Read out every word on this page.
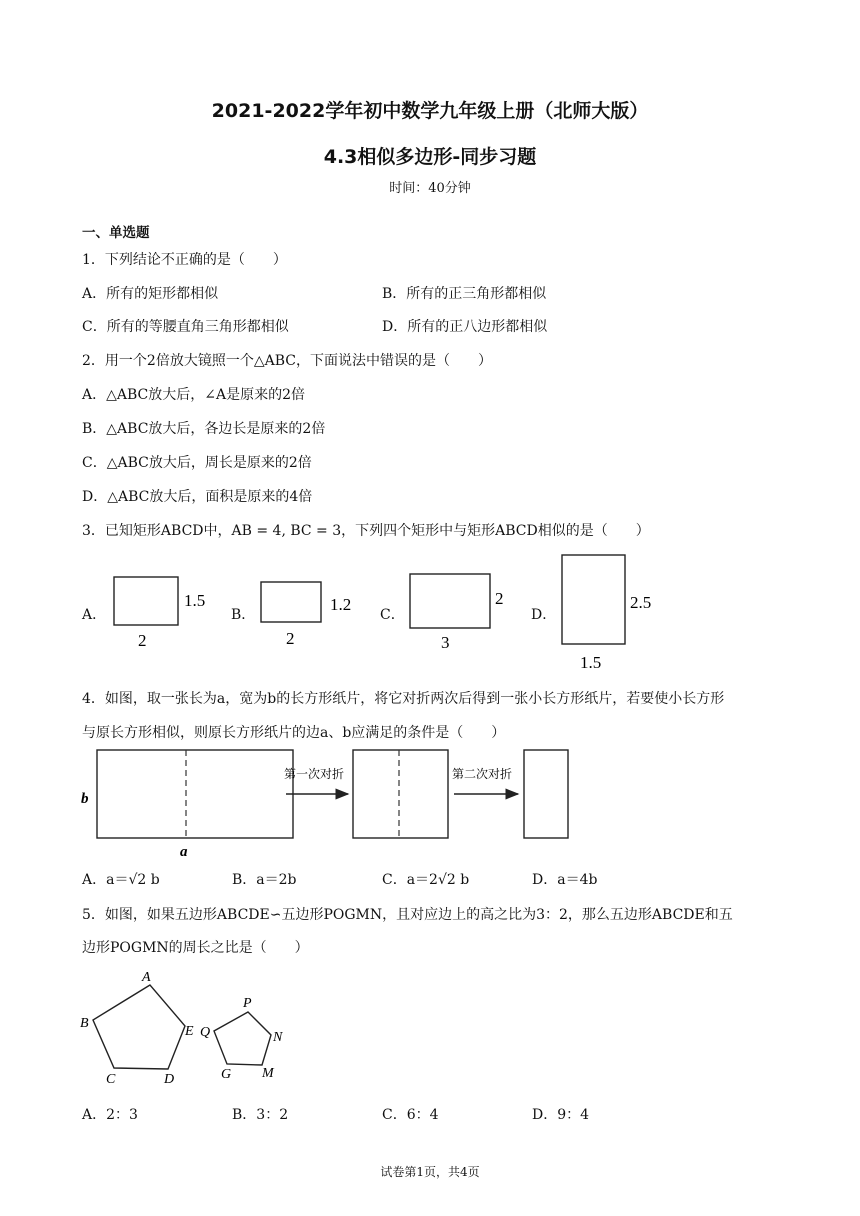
2021-2022学年初中数学九年级上册（北师大版）
4.3相似多边形-同步习题
时间：40分钟
一、单选题
1．下列结论不正确的是（　　）
A．所有的矩形都相似	B．所有的正三角形都相似
C．所有的等腰直角三角形都相似	D．所有的正八边形都相似
2．用一个2倍放大镜照一个△ABC，下面说法中错误的是（　　）
A．△ABC放大后，∠A是原来的2倍
B．△ABC放大后，各边长是原来的2倍
C．△ABC放大后，周长是原来的2倍
D．△ABC放大后，面积是原来的4倍
3．已知矩形ABCD中，AB = 4, BC = 3，下列四个矩形中与矩形ABCD相似的是（　　）
A．
1.5
2
B．
1.2
2
C．
2
3
D．
2.5
1.5
4．如图，取一张长为a，宽为b的长方形纸片，将它对折两次后得到一张小长方形纸片，若要使小长方形
与原长方形相似，则原长方形纸片的边a、b应满足的条件是（　　）
b
a
第一次对折	第二次对折
A．a＝√2 b	B．a＝2b	C．a＝2√2 b	D．a＝4b
5．如图，如果五边形ABCDE∽五边形POGMN，且对应边上的高之比为3：2，那么五边形ABCDE和五
边形POGMN的周长之比是（　　）
A
B
C	D
E
P
Q
G M
N
A．2：3	B．3：2	C．6：4	D．9：4
试卷第1页，共4页
